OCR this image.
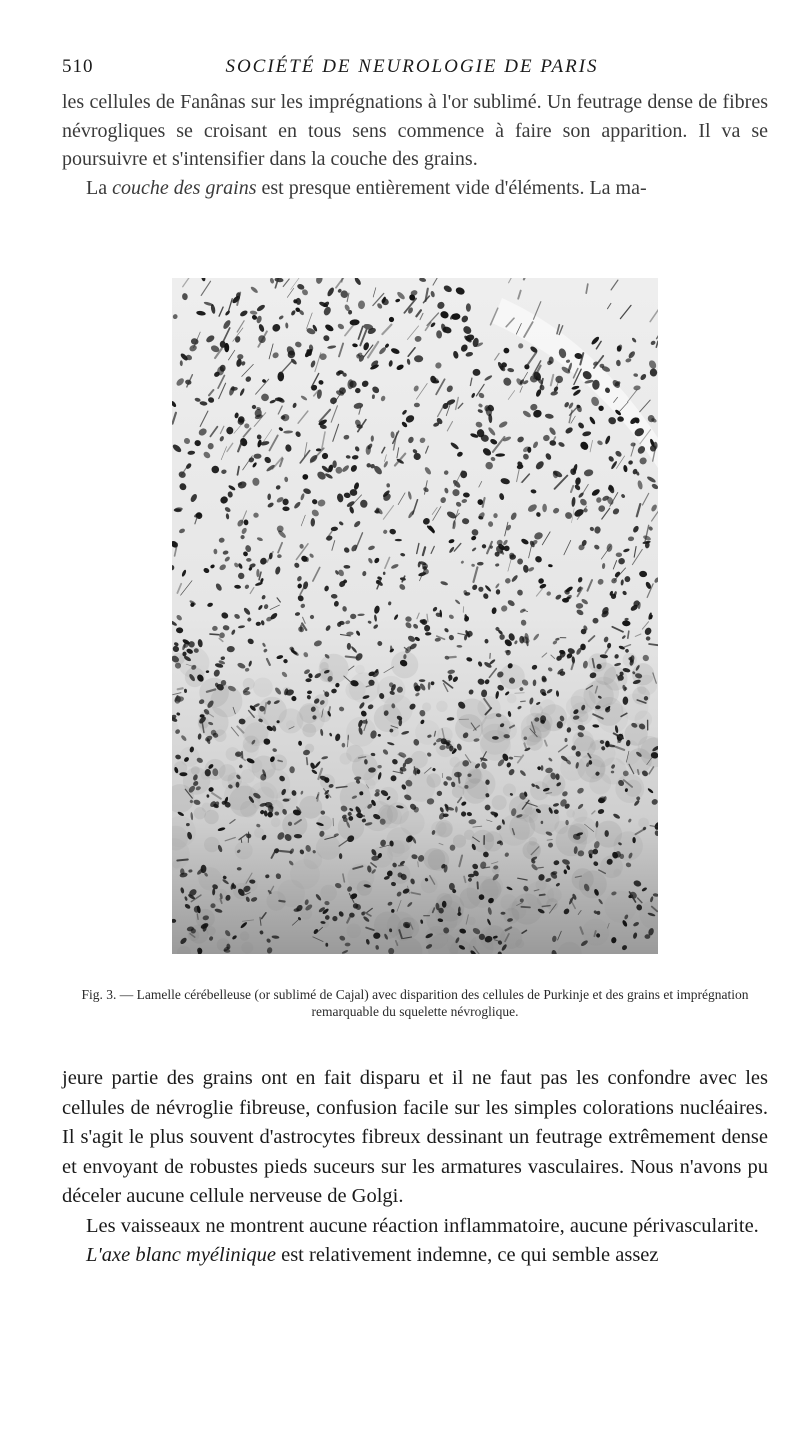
510	SOCIÉTÉ DE NEUROLOGIE DE PARIS

les cellules de Fanânas sur les imprégnations à l'or sublimé. Un feutrage dense de fibres névrogliques se croisant en tous sens commence à faire son apparition. Il va se poursuivre et s'intensifier dans la couche des grains.

La couche des grains est presque entièrement vide d'éléments. La ma-

Fig. 3. — Lamelle cérébelleuse (or sublimé de Cajal) avec disparition des cellules de Purkinje et des grains et imprégnation remarquable du squelette névroglique.

jeure partie des grains ont en fait disparu et il ne faut pas les confondre avec les cellules de névroglie fibreuse, confusion facile sur les simples colorations nucléaires. Il s'agit le plus souvent d'astrocytes fibreux dessinant un feutrage extrêmement dense et envoyant de robustes pieds suceurs sur les armatures vasculaires. Nous n'avons pu déceler aucune cellule nerveuse de Golgi.

Les vaisseaux ne montrent aucune réaction inflammatoire, aucune périvascularite.

L'axe blanc myélinique est relativement indemne, ce qui semble assez
